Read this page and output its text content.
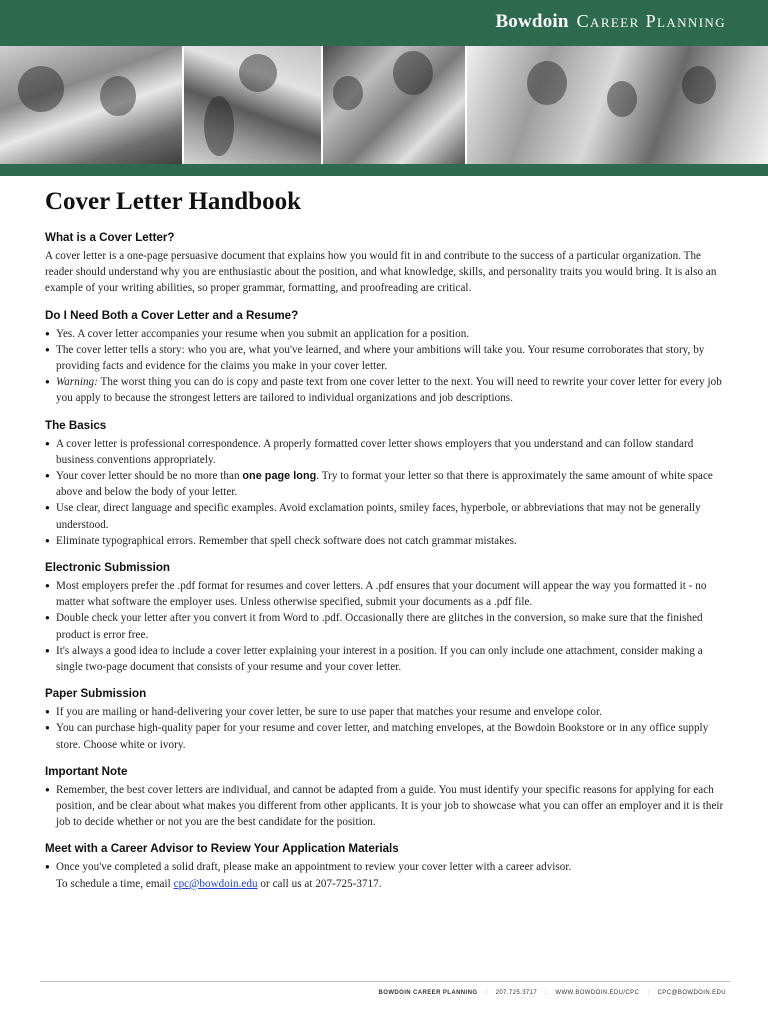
Bowdoin Career Planning
Cover Letter Handbook
What is a Cover Letter?

A cover letter is a one-page persuasive document that explains how you would fit in and contribute to the success of a particular organization. The reader should understand why you are enthusiastic about the position, and what knowledge, skills, and personality traits you would bring. It is also an example of your writing abilities, so proper grammar, formatting, and proofreading are critical.

Do I Need Both a Cover Letter and a Resume?
● Yes. A cover letter accompanies your resume when you submit an application for a position.
● The cover letter tells a story: who you are, what you've learned, and where your ambitions will take you. Your resume corroborates that story, by providing facts and evidence for the claims you make in your cover letter.
● Warning: The worst thing you can do is copy and paste text from one cover letter to the next. You will need to rewrite your cover letter for every job you apply to because the strongest letters are tailored to individual organizations and job descriptions.
The Basics
● A cover letter is professional correspondence. A properly formatted cover letter shows employers that you understand and can follow standard business conventions appropriately.
● Your cover letter should be no more than one page long. Try to format your letter so that there is approximately the same amount of white space above and below the body of your letter.
● Use clear, direct language and specific examples. Avoid exclamation points, smiley faces, hyperbole, or abbreviations that may not be generally understood.
● Eliminate typographical errors. Remember that spell check software does not catch grammar mistakes.
Electronic Submission
● Most employers prefer the .pdf format for resumes and cover letters. A .pdf ensures that your document will appear the way you formatted it - no matter what software the employer uses. Unless otherwise specified, submit your documents as a .pdf file.
● Double check your letter after you convert it from Word to .pdf. Occasionally there are glitches in the conversion, so make sure that the finished product is error free.
● It's always a good idea to include a cover letter explaining your interest in a position. If you can only include one attachment, consider making a single two-page document that consists of your resume and your cover letter.
Paper Submission
● If you are mailing or hand-delivering your cover letter, be sure to use paper that matches your resume and envelope color.
● You can purchase high-quality paper for your resume and cover letter, and matching envelopes, at the Bowdoin Bookstore or in any office supply store. Choose white or ivory.
Important Note
● Remember, the best cover letters are individual, and cannot be adapted from a guide. You must identify your specific reasons for applying for each position, and be clear about what makes you different from other applicants. It is your job to showcase what you can offer an employer and it is their job to decide whether or not you are the best candidate for the position.
Meet with a Career Advisor to Review Your Application Materials
● Once you've completed a solid draft, please make an appointment to review your cover letter with a career advisor.
To schedule a time, email cpc@bowdoin.edu or call us at 207-725-3717.
BOWDOIN CAREER PLANNING : 207.725.3717 : WWW.BOWDOIN.EDU/CPC : CPC@BOWDOIN.EDU
